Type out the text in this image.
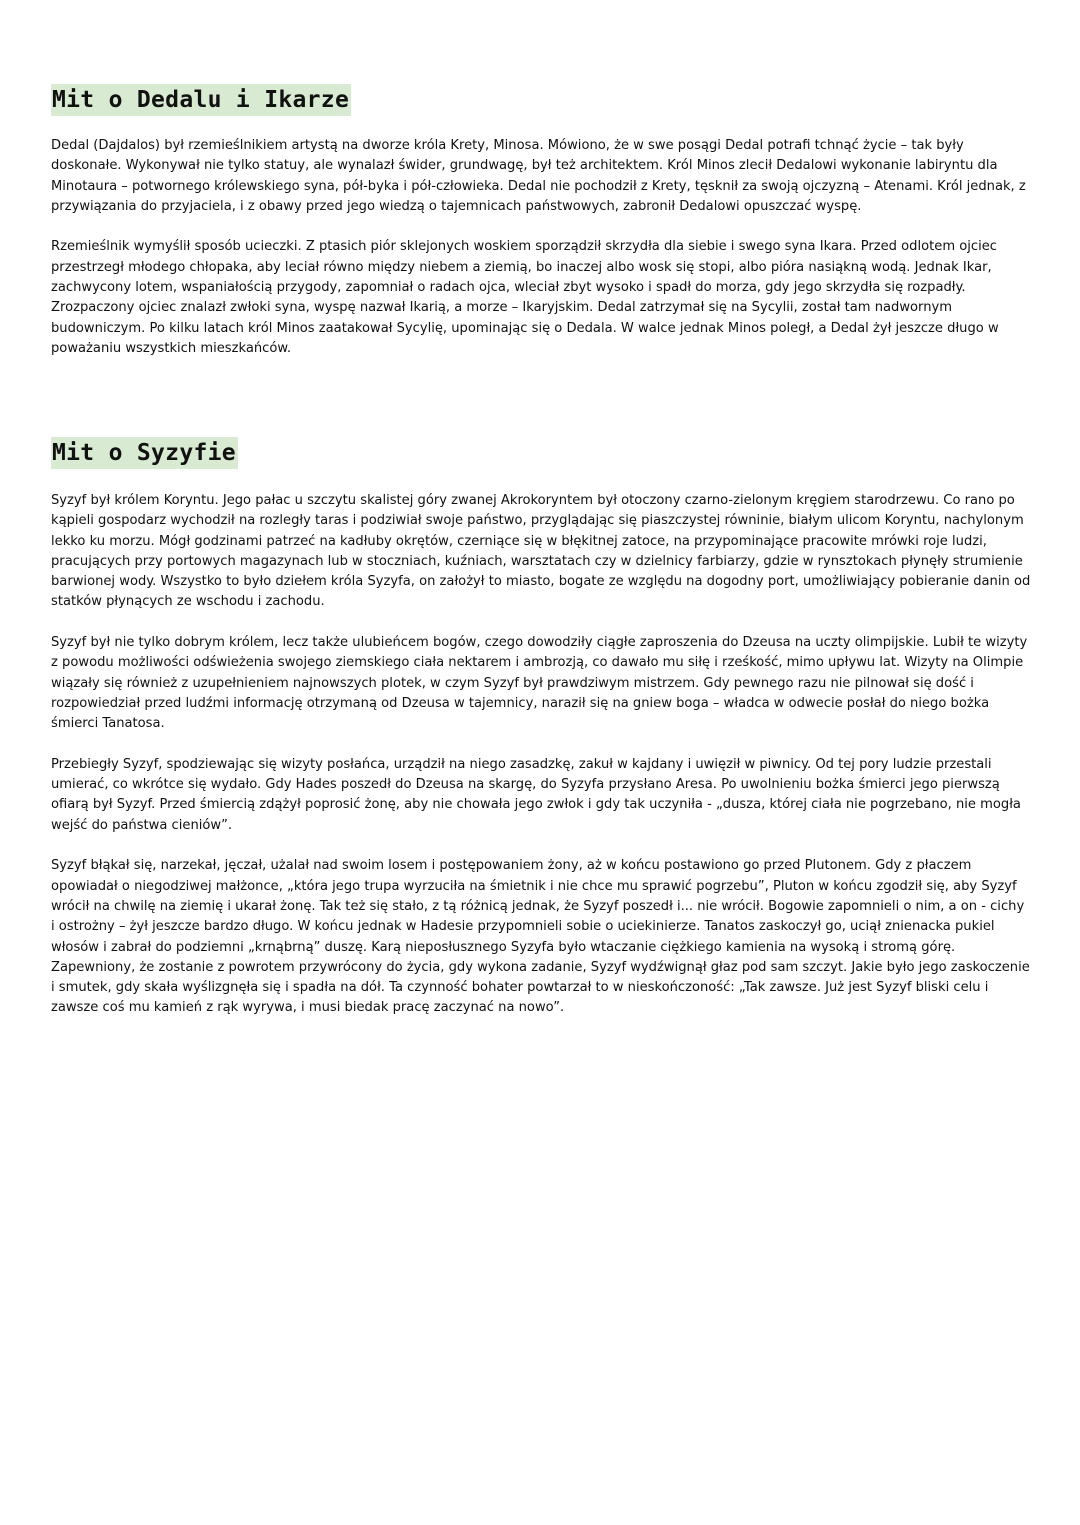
Mit o Dedalu i Ikarze

Dedal (Dajdalos) był rzemieślnikiem artystą na dworze króla Krety, Minosa. Mówiono, że w swe posągi Dedal potrafi tchnąć życie – tak były doskonałe. Wykonywał nie tylko statuy, ale wynalazł świder, grundwagę, był też architektem. Król Minos zlecił Dedalowi wykonanie labiryntu dla Minotaura – potwornego królewskiego syna, pół-byka i pół-człowieka. Dedal nie pochodził z Krety, tęsknił za swoją ojczyzną – Atenami. Król jednak, z przywiązania do przyjaciela, i z obawy przed jego wiedzą o tajemnicach państwowych, zabronił Dedalowi opuszczać wyspę.

Rzemieślnik wymyślił sposób ucieczki. Z ptasich piór sklejonych woskiem sporządził skrzydła dla siebie i swego syna Ikara. Przed odlotem ojciec przestrzegł młodego chłopaka, aby leciał równo między niebem a ziemią, bo inaczej albo wosk się stopi, albo pióra nasiąkną wodą. Jednak Ikar, zachwycony lotem, wspaniałością przygody, zapomniał o radach ojca, wleciał zbyt wysoko i spadł do morza, gdy jego skrzydła się rozpadły. Zrozpaczony ojciec znalazł zwłoki syna, wyspę nazwał Ikarią, a morze – Ikaryjskim. Dedal zatrzymał się na Sycylii, został tam nadwornym budowniczym. Po kilku latach król Minos zaatakował Sycylię, upominając się o Dedala. W walce jednak Minos poległ, a Dedal żył jeszcze długo w poważaniu wszystkich mieszkańców.

Mit o Syzyfie

Syzyf był królem Koryntu. Jego pałac u szczytu skalistej góry zwanej Akrokoryntem był otoczony czarno-zielonym kręgiem starodrzewu. Co rano po kąpieli gospodarz wychodził na rozległy taras i podziwiał swoje państwo, przyglądając się piaszczystej równinie, białym ulicom Koryntu, nachylonym lekko ku morzu. Mógł godzinami patrzeć na kadłuby okrętów, czerniące się w błękitnej zatoce, na przypominające pracowite mrówki roje ludzi, pracujących przy portowych magazynach lub w stoczniach, kuźniach, warsztatach czy w dzielnicy farbiarzy, gdzie w rynsztokach płynęły strumienie barwionej wody. Wszystko to było dziełem króla Syzyfa, on założył to miasto, bogate ze względu na dogodny port, umożliwiający pobieranie danin od statków płynących ze wschodu i zachodu.

Syzyf był nie tylko dobrym królem, lecz także ulubieńcem bogów, czego dowodziły ciągłe zaproszenia do Dzeusa na uczty olimpijskie. Lubił te wizyty z powodu możliwości odświeżenia swojego ziemskiego ciała nektarem i ambrozją, co dawało mu siłę i rześkość, mimo upływu lat. Wizyty na Olimpie wiązały się również z uzupełnieniem najnowszych plotek, w czym Syzyf był prawdziwym mistrzem. Gdy pewnego razu nie pilnował się dość i rozpowiedział przed ludźmi informację otrzymaną od Dzeusa w tajemnicy, naraził się na gniew boga – władca w odwecie posłał do niego bożka śmierci Tanatosa.

Przebiegły Syzyf, spodziewając się wizyty posłańca, urządził na niego zasadzkę, zakuł w kajdany i uwięził w piwnicy. Od tej pory ludzie przestali umierać, co wkrótce się wydało. Gdy Hades poszedł do Dzeusa na skargę, do Syzyfa przysłano Aresa. Po uwolnieniu bożka śmierci jego pierwszą ofiarą był Syzyf. Przed śmiercią zdążył poprosić żonę, aby nie chowała jego zwłok i gdy tak uczyniła - „dusza, której ciała nie pogrzebano, nie mogła wejść do państwa cieniów”.

Syzyf błąkał się, narzekał, jęczał, użalał nad swoim losem i postępowaniem żony, aż w końcu postawiono go przed Plutonem. Gdy z płaczem opowiadał o niegodziwej małżonce, „która jego trupa wyrzuciła na śmietnik i nie chce mu sprawić pogrzebu”, Pluton w końcu zgodził się, aby Syzyf wrócił na chwilę na ziemię i ukarał żonę. Tak też się stało, z tą różnicą jednak, że Syzyf poszedł i... nie wrócił. Bogowie zapomnieli o nim, a on - cichy i ostrożny – żył jeszcze bardzo długo. W końcu jednak w Hadesie przypomnieli sobie o uciekinierze. Tanatos zaskoczył go, uciął znienacka pukiel włosów i zabrał do podziemni „krnąbrną” duszę. Karą nieposłusznego Syzyfa było wtaczanie ciężkiego kamienia na wysoką i stromą górę. Zapewniony, że zostanie z powrotem przywrócony do życia, gdy wykona zadanie, Syzyf wydźwignął głaz pod sam szczyt. Jakie było jego zaskoczenie i smutek, gdy skała wyślizgnęła się i spadła na dół. Ta czynność bohater powtarzał to w nieskończoność: „Tak zawsze. Już jest Syzyf bliski celu i zawsze coś mu kamień z rąk wyrywa, i musi biedak pracę zaczynać na nowo”.
